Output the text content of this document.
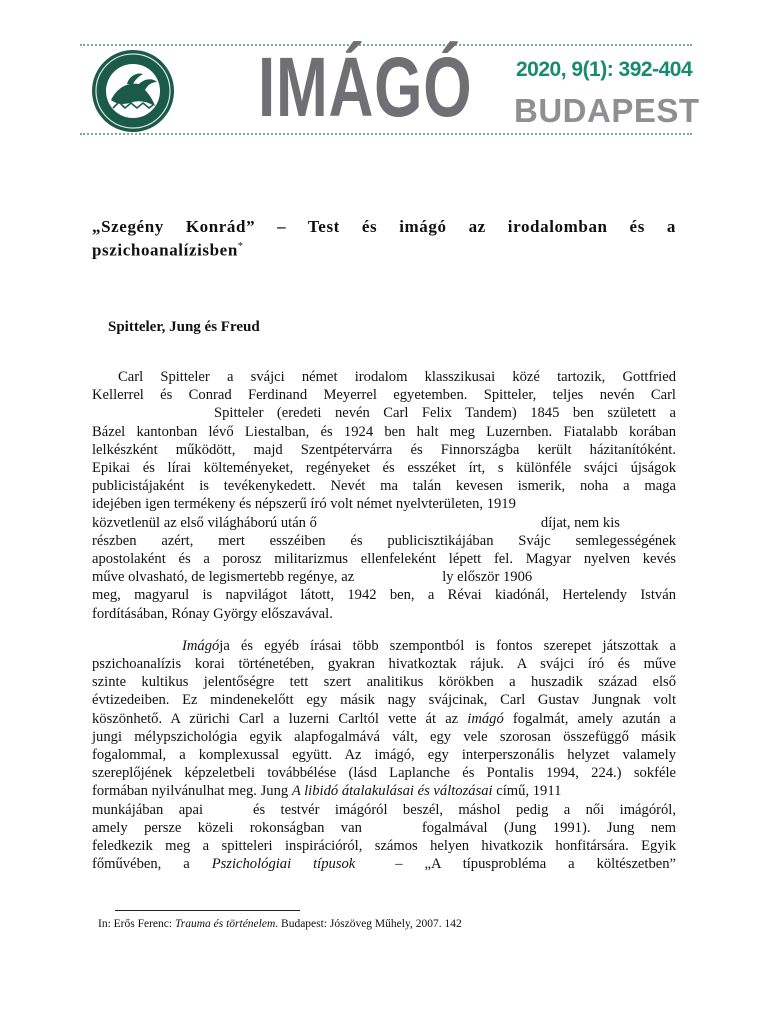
IMÁGÓ 2020, 9(1): 392-404
BUDAPEST
„Szegény Konrád” – Test és imágó az irodalomban és a pszichoanalízisben*
Spitteler, Jung és Freud

Carl Spitteler a svájci német irodalom klasszikusai közé tartozik, Gottfried
Kellerrel és Conrad Ferdinand Meyerrel egyetemben. Spitteler, teljes nevén Carl
Spitteler (eredeti nevén Carl Felix Tandem) 1845 ben született a
Bázel kantonban lévő Liestalban, és 1924 ben halt meg Luzernben. Fiatalabb korában
lelkészként működött, majd Szentpétervárra és Finnországba került házitanítóként.
Epikai és lírai költeményeket, regényeket és esszéket írt, s különféle svájci újságok
publicistájaként is tevékenykedett. Nevét ma talán kevesen ismerik, noha a maga
idejében igen termékeny és népszerű író volt német nyelvterületen, 1919
közvetlenül az első világháború után ő	díjat, nem kis
részben azért, mert esszéiben és publicisztikájában Svájc semlegességének
apostolaként és a porosz militarizmus ellenfeleként lépett fel. Magyar nyelven kevés
műve olvasható, de legismertebb regénye, az	ly először 1906
meg, magyarul is napvilágot látott, 1942 ben, a Révai kiadónál, Hertelendy István
fordításában, Rónay György előszavával.

Imágója és egyéb írásai több szempontból is fontos szerepet játszottak a
pszichoanalízis korai történetében, gyakran hivatkoztak rájuk. A svájci író és műve
szinte kultikus jelentőségre tett szert analitikus körökben a huszadik század első
évtizedeiben. Ez mindenekelőtt egy másik nagy svájcinak, Carl Gustav Jungnak volt
köszönhető. A zürichi Carl a luzerni Carltól vette át az imágó fogalmát, amely azután a
jungi mélypszichológia egyik alapfogalmává vált, egy vele szorosan összefüggő másik
fogalommal, a komplexussal együtt. Az imágó, egy interperszonális helyzet valamely
szereplőjének képzeletbeli továbbélése (lásd Laplanche és Pontalis 1994, 224.) sokféle
formában nyilvánulhat meg. Jung A libidó átalakulásai és változásai című, 1911
munkájában apai	és testvér imágóról beszél, máshol pedig a női imágóról,
amely persze közeli rokonságban van	fogalmával (Jung 1991). Jung nem
feledkezik meg a spitteleri inspirációról, számos helyen hivatkozik honfitársára. Egyik
főművében, a Pszichológiai típusok	– „A típusprobléma a költészetben”

In: Erős Ferenc: Trauma és történelem. Budapest: Jószöveg Műhely, 2007. 142
